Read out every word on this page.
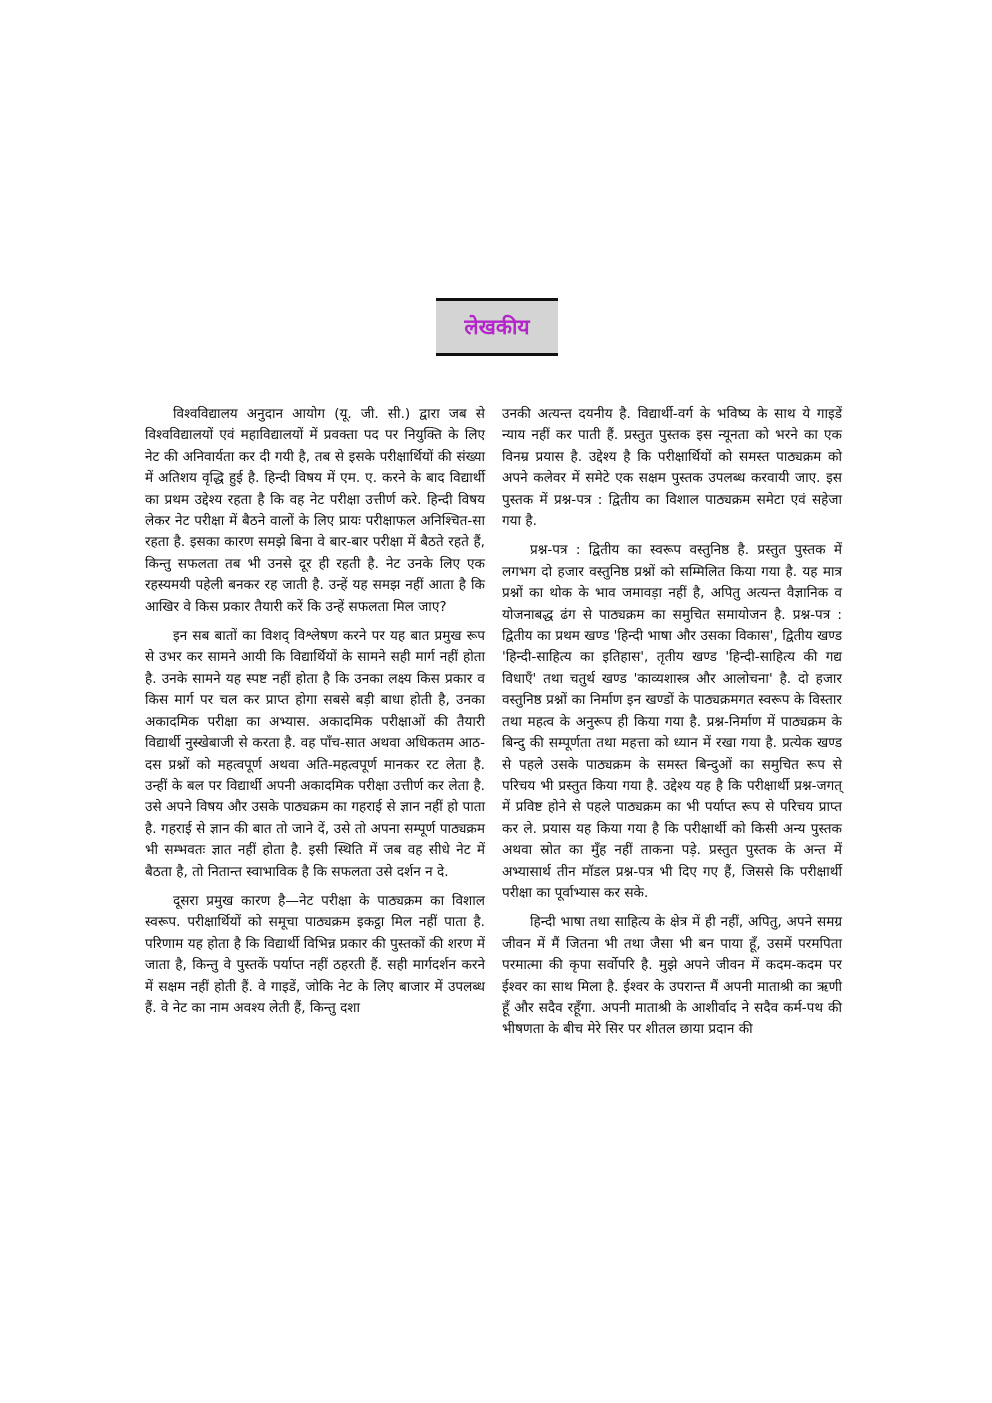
लेखकीय

विश्वविद्यालय अनुदान आयोग (यू. जी. सी.) द्वारा जब से विश्वविद्यालयों एवं महाविद्यालयों में प्रवक्ता पद पर नियुक्ति के लिए नेट की अनिवार्यता कर दी गयी है, तब से इसके परीक्षार्थियों की संख्या में अतिशय वृद्धि हुई है. हिन्दी विषय में एम. ए. करने के बाद विद्यार्थी का प्रथम उद्देश्य रहता है कि वह नेट परीक्षा उत्तीर्ण करे. हिन्दी विषय लेकर नेट परीक्षा में बैठने वालों के लिए प्रायः परीक्षाफल अनिश्चित-सा रहता है. इसका कारण समझे बिना वे बार-बार परीक्षा में बैठते रहते हैं, किन्तु सफलता तब भी उनसे दूर ही रहती है. नेट उनके लिए एक रहस्यमयी पहेली बनकर रह जाती है. उन्हें यह समझ नहीं आता है कि आखिर वे किस प्रकार तैयारी करें कि उन्हें सफलता मिल जाए?

इन सब बातों का विशद् विश्लेषण करने पर यह बात प्रमुख रूप से उभर कर सामने आयी कि विद्यार्थियों के सामने सही मार्ग नहीं होता है. उनके सामने यह स्पष्ट नहीं होता है कि उनका लक्ष्य किस प्रकार व किस मार्ग पर चल कर प्राप्त होगा सबसे बड़ी बाधा होती है, उनका अकादमिक परीक्षा का अभ्यास. अकादमिक परीक्षाओं की तैयारी विद्यार्थी नुस्खेबाजी से करता है. वह पाँच-सात अथवा अधिकतम आठ-दस प्रश्नों को महत्वपूर्ण अथवा अति-महत्वपूर्ण मानकर रट लेता है. उन्हीं के बल पर विद्यार्थी अपनी अकादमिक परीक्षा उत्तीर्ण कर लेता है. उसे अपने विषय और उसके पाठ्यक्रम का गहराई से ज्ञान नहीं हो पाता है. गहराई से ज्ञान की बात तो जाने दें, उसे तो अपना सम्पूर्ण पाठ्यक्रम भी सम्भवतः ज्ञात नहीं होता है. इसी स्थिति में जब वह सीधे नेट में बैठता है, तो नितान्त स्वाभाविक है कि सफलता उसे दर्शन न दे.

दूसरा प्रमुख कारण है—नेट परीक्षा के पाठ्यक्रम का विशाल स्वरूप. परीक्षार्थियों को समूचा पाठ्यक्रम इकट्ठा मिल नहीं पाता है. परिणाम यह होता है कि विद्यार्थी विभिन्न प्रकार की पुस्तकों की शरण में जाता है, किन्तु वे पुस्तकें पर्याप्त नहीं ठहरती हैं. सही मार्गदर्शन करने में सक्षम नहीं होती हैं. वे गाइडें, जोकि नेट के लिए बाजार में उपलब्ध हैं. वे नेट का नाम अवश्य लेती हैं, किन्तु दशा

उनकी अत्यन्त दयनीय है. विद्यार्थी-वर्ग के भविष्य के साथ ये गाइडें न्याय नहीं कर पाती हैं. प्रस्तुत पुस्तक इस न्यूनता को भरने का एक विनम्र प्रयास है. उद्देश्य है कि परीक्षार्थियों को समस्त पाठ्यक्रम को अपने कलेवर में समेटे एक सक्षम पुस्तक उपलब्ध करवायी जाए. इस पुस्तक में प्रश्न-पत्र : द्वितीय का विशाल पाठ्यक्रम समेटा एवं सहेजा गया है.

प्रश्न-पत्र : द्वितीय का स्वरूप वस्तुनिष्ठ है. प्रस्तुत पुस्तक में लगभग दो हजार वस्तुनिष्ठ प्रश्नों को सम्मिलित किया गया है. यह मात्र प्रश्नों का थोक के भाव जमावड़ा नहीं है, अपितु अत्यन्त वैज्ञानिक व योजनाबद्ध ढंग से पाठ्यक्रम का समुचित समायोजन है. प्रश्न-पत्र : द्वितीय का प्रथम खण्ड 'हिन्दी भाषा और उसका विकास', द्वितीय खण्ड 'हिन्दी-साहित्य का इतिहास', तृतीय खण्ड 'हिन्दी-साहित्य की गद्य विधाएँ' तथा चतुर्थ खण्ड 'काव्यशास्त्र और आलोचना' है. दो हजार वस्तुनिष्ठ प्रश्नों का निर्माण इन खण्डों के पाठ्यक्रमगत स्वरूप के विस्तार तथा महत्व के अनुरूप ही किया गया है. प्रश्न-निर्माण में पाठ्यक्रम के बिन्दु की सम्पूर्णता तथा महत्ता को ध्यान में रखा गया है. प्रत्येक खण्ड से पहले उसके पाठ्यक्रम के समस्त बिन्दुओं का समुचित रूप से परिचय भी प्रस्तुत किया गया है. उद्देश्य यह है कि परीक्षार्थी प्रश्न-जगत् में प्रविष्ट होने से पहले पाठ्यक्रम का भी पर्याप्त रूप से परिचय प्राप्त कर ले. प्रयास यह किया गया है कि परीक्षार्थी को किसी अन्य पुस्तक अथवा स्रोत का मुँह नहीं ताकना पड़े. प्रस्तुत पुस्तक के अन्त में अभ्यासार्थ तीन मॉडल प्रश्न-पत्र भी दिए गए हैं, जिससे कि परीक्षार्थी परीक्षा का पूर्वाभ्यास कर सके.

हिन्दी भाषा तथा साहित्य के क्षेत्र में ही नहीं, अपितु, अपने समग्र जीवन में मैं जितना भी तथा जैसा भी बन पाया हूँ, उसमें परमपिता परमात्मा की कृपा सर्वोपरि है. मुझे अपने जीवन में कदम-कदम पर ईश्वर का साथ मिला है. ईश्वर के उपरान्त मैं अपनी माताश्री का ऋणी हूँ और सदैव रहूँगा. अपनी माताश्री के आशीर्वाद ने सदैव कर्म-पथ की भीषणता के बीच मेरे सिर पर शीतल छाया प्रदान की
